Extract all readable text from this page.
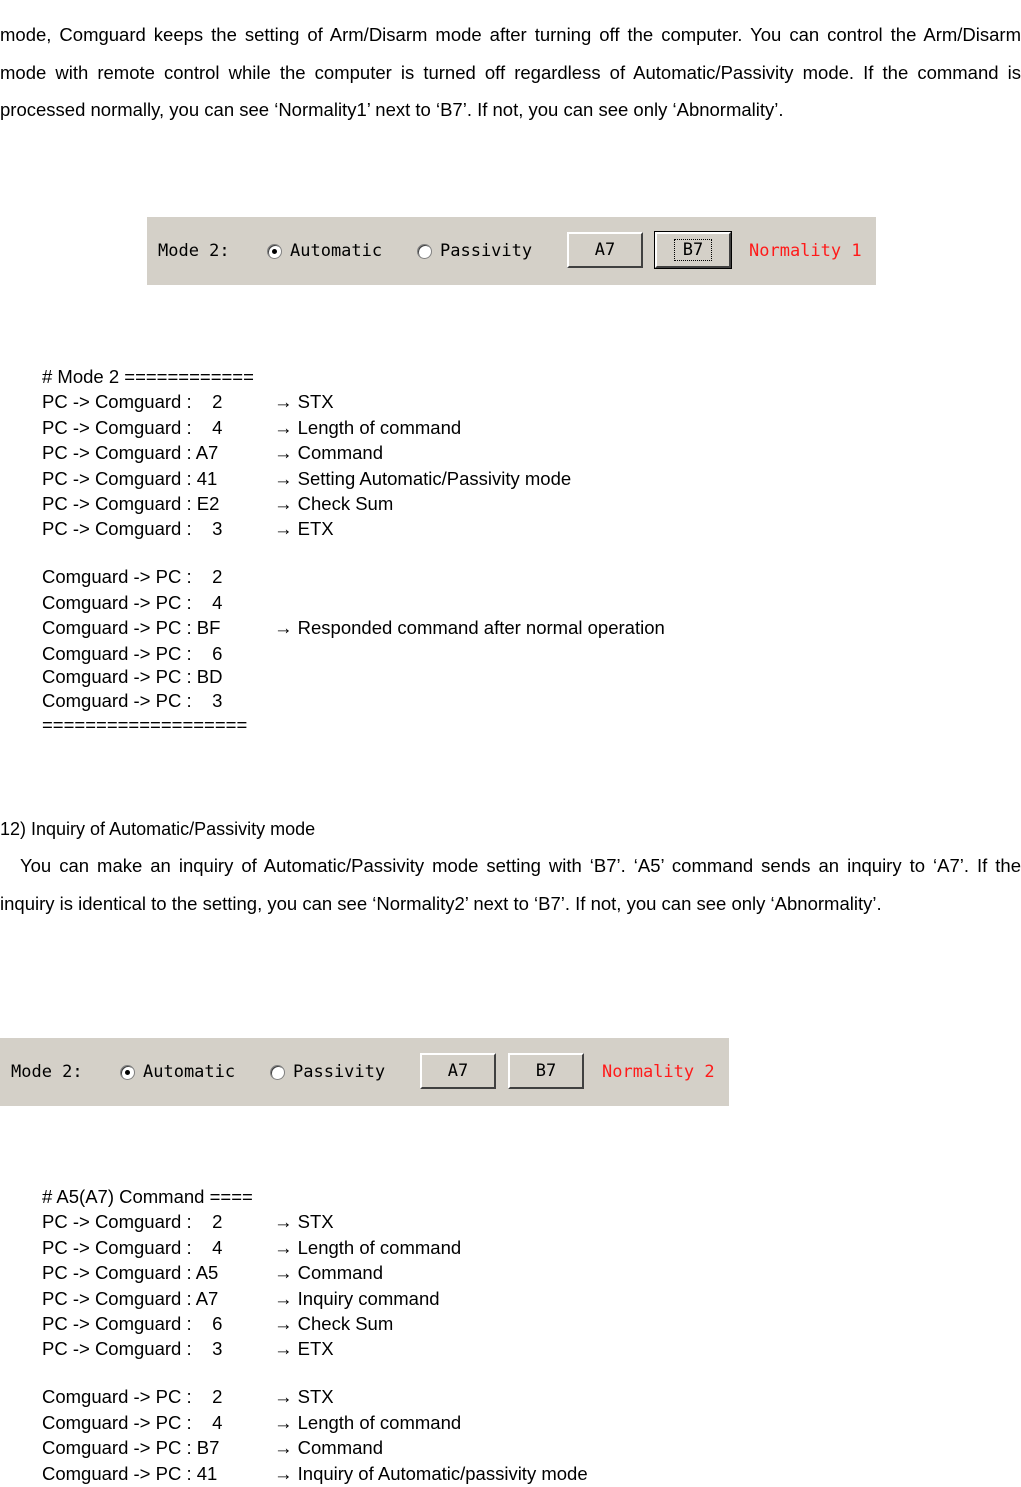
mode, Comguard keeps the setting of Arm/Disarm mode after turning off the computer. You can control the Arm/Disarm mode with remote control while the computer is turned off regardless of Automatic/Passivity mode. If the command is processed normally, you can see ‘Normality1’ next to ‘B7’. If not, you can see only ‘Abnormality’.

Mode 2:	Automatic	Passivity	A7	B7	Normality 1
# Mode 2 ============
PC -> Comguard :    2	→ STX
PC -> Comguard :    4	→ Length of command
PC -> Comguard : A7	→ Command
PC -> Comguard : 41	→ Setting Automatic/Passivity mode
PC -> Comguard : E2	→ Check Sum
PC -> Comguard :    3	→ ETX
Comguard -> PC :    2
Comguard -> PC :    4
Comguard -> PC : BF	→ Responded command after normal operation
Comguard -> PC :    6
Comguard -> PC : BD
Comguard -> PC :    3
===================

12) Inquiry of Automatic/Passivity mode

You can make an inquiry of Automatic/Passivity mode setting with ‘B7’. ‘A5’ command sends an inquiry to ‘A7’. If the inquiry is identical to the setting, you can see ‘Normality2’ next to ‘B7’. If not, you can see only ‘Abnormality’.

Mode 2:	Automatic	Passivity	A7	B7	Normality 2
# A5(A7) Command ====
PC -> Comguard :    2	→ STX
PC -> Comguard :    4	→ Length of command
PC -> Comguard : A5	→ Command
PC -> Comguard : A7	→ Inquiry command
PC -> Comguard :    6	→ Check Sum
PC -> Comguard :    3	→ ETX
Comguard -> PC :    2	→ STX
Comguard -> PC :    4	→ Length of command
Comguard -> PC : B7	→ Command
Comguard -> PC : 41	→ Inquiry of Automatic/passivity mode
